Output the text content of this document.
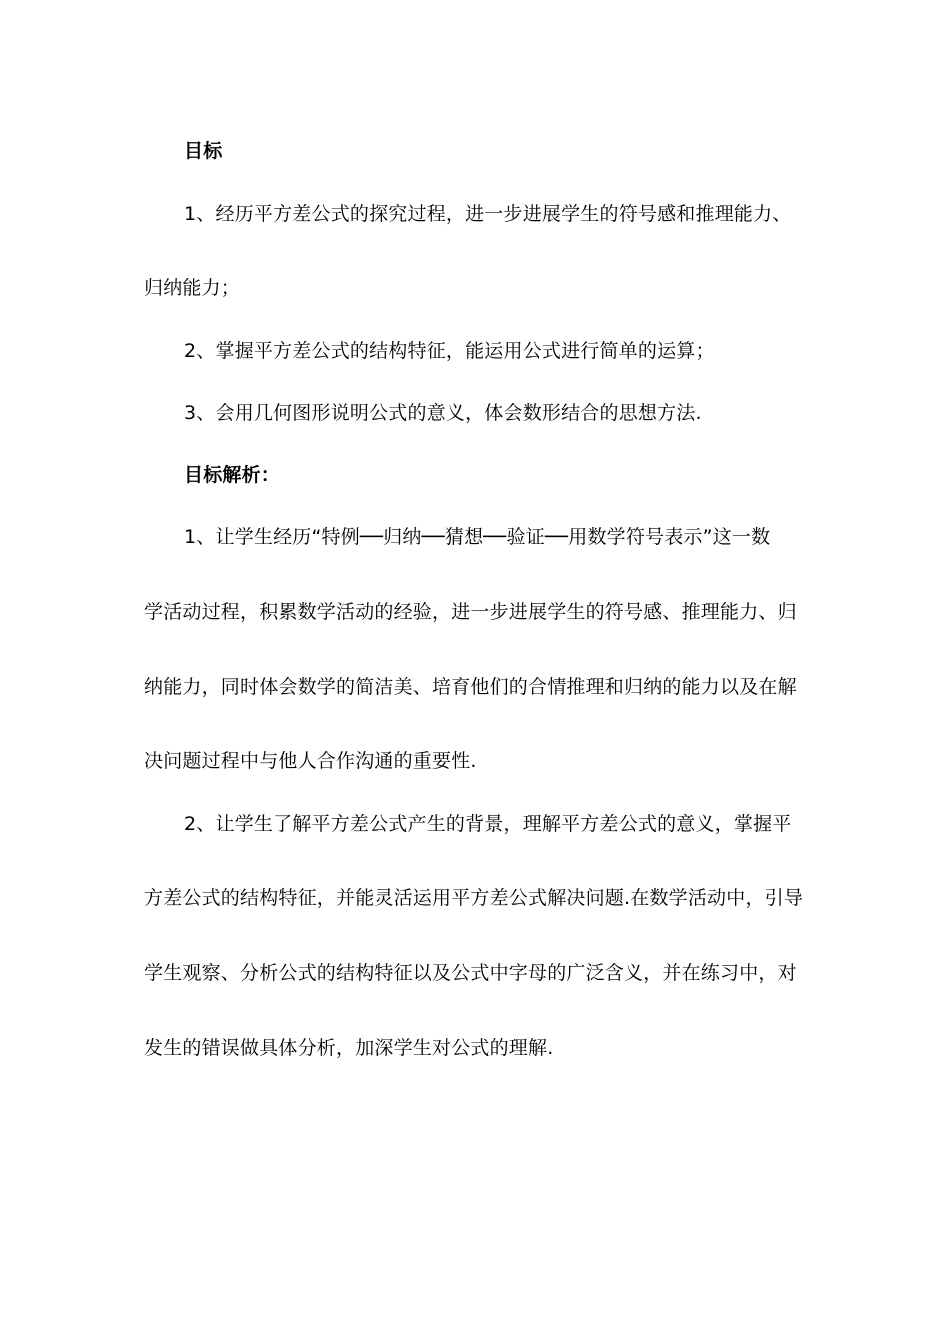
目标
1、经历平方差公式的探究过程，进一步进展学生的符号感和推理能力、
归纳能力；
2、掌握平方差公式的结构特征，能运用公式进行简单的运算；
3、会用几何图形说明公式的意义，体会数形结合的思想方法.
目标解析：
1、让学生经历“特例──归纳──猜想──验证──用数学符号表示”这一数
学活动过程，积累数学活动的经验，进一步进展学生的符号感、推理能力、归
纳能力，同时体会数学的简洁美、培育他们的合情推理和归纳的能力以及在解
决问题过程中与他人合作沟通的重要性.
2、让学生了解平方差公式产生的背景，理解平方差公式的意义，掌握平
方差公式的结构特征，并能灵活运用平方差公式解决问题.在数学活动中，引导
学生观察、分析公式的结构特征以及公式中字母的广泛含义，并在练习中，对
发生的错误做具体分析，加深学生对公式的理解.
